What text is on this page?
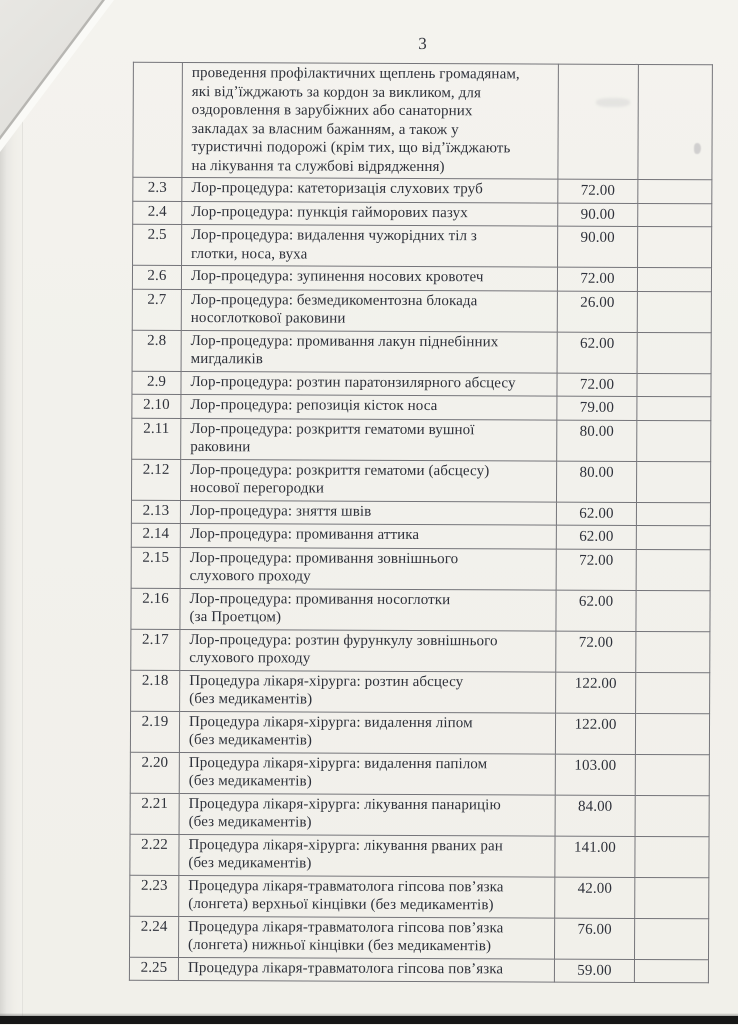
3
	проведення профілактичних щеплень громадянам,
які від’їжджають за кордон за викликом, для
оздоровлення в зарубіжних або санаторних
закладах за власним бажанням, а також у
туристичні подорожі (крім тих, що від’їжджають
на лікування та службові відрядження)		
2.3	Лор-процедура: катеторизація слухових труб	72.00	
2.4	Лор-процедура: пункція гайморових пазух	90.00	
2.5	Лор-процедура: видалення чужорідних тіл з
глотки, носа, вуха	90.00	
2.6	Лор-процедура: зупинення носових кровотеч	72.00	
2.7	Лор-процедура: безмедикоментозна блокада
носоглоткової раковини	26.00	
2.8	Лор-процедура: промивання лакун піднебінних
мигдаликів	62.00	
2.9	Лор-процедура: розтин паратонзилярного абсцесу	72.00	
2.10	Лор-процедура: репозиція кісток носа	79.00	
2.11	Лор-процедура: розкриття гематоми вушної
раковини	80.00	
2.12	Лор-процедура: розкриття гематоми (абсцесу)
носової перегородки	80.00	
2.13	Лор-процедура: зняття швів	62.00	
2.14	Лор-процедура: промивання аттика	62.00	
2.15	Лор-процедура: промивання зовнішнього
слухового проходу	72.00	
2.16	Лор-процедура: промивання носоглотки
(за Проетцом)	62.00	
2.17	Лор-процедура: розтин фурункулу зовнішнього
слухового проходу	72.00	
2.18	Процедура лікаря-хірурга: розтин абсцесу
(без медикаментів)	122.00	
2.19	Процедура лікаря-хірурга: видалення ліпом
(без медикаментів)	122.00	
2.20	Процедура лікаря-хірурга: видалення папілом
(без медикаментів)	103.00	
2.21	Процедура лікаря-хірурга: лікування панарицію
(без медикаментів)	84.00	
2.22	Процедура лікаря-хірурга: лікування рваних ран
(без медикаментів)	141.00	
2.23	Процедура лікаря-травматолога гіпсова пов’язка
(лонгета) верхньої кінцівки (без медикаментів)	42.00	
2.24	Процедура лікаря-травматолога гіпсова пов’язка
(лонгета) нижньої кінцівки (без медикаментів)	76.00	
2.25	Процедура лікаря-травматолога гіпсова пов’язка	59.00	
